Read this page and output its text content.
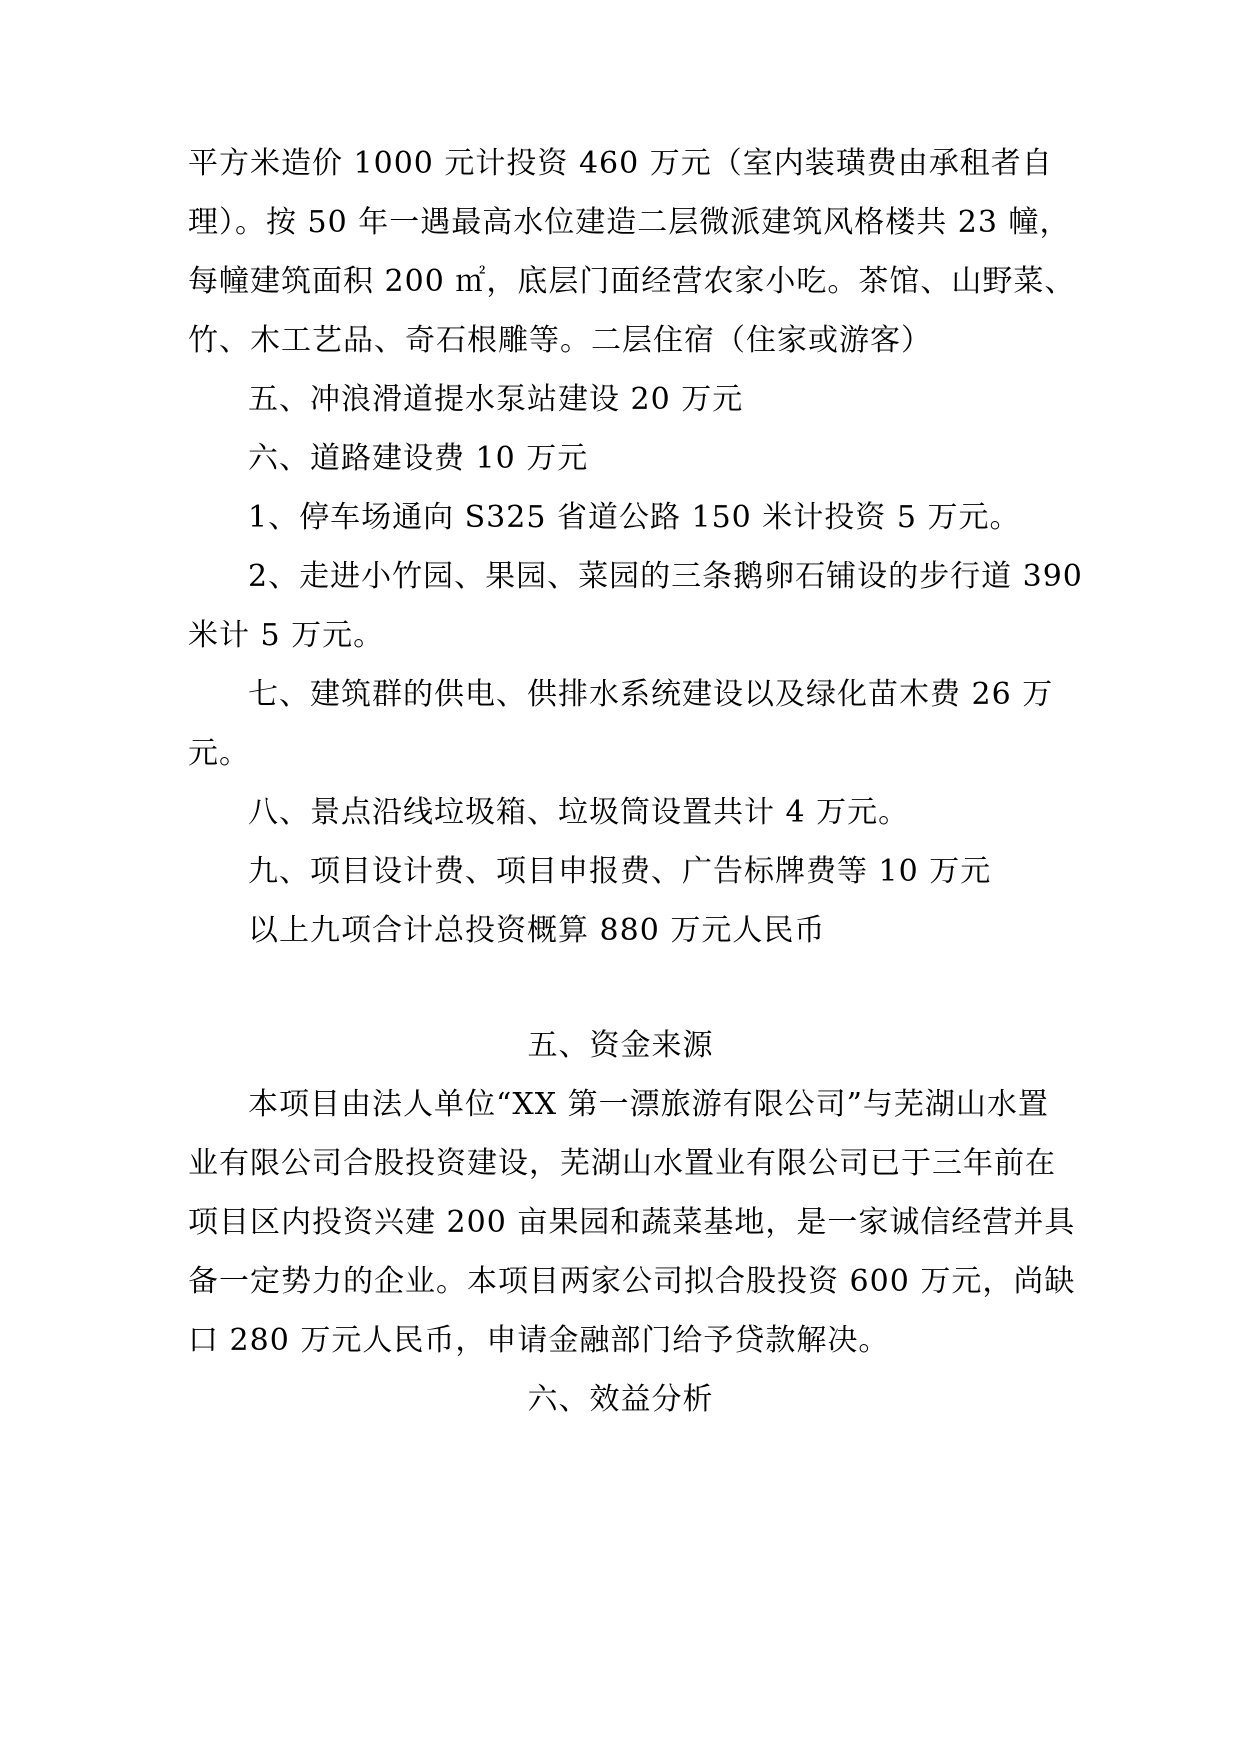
平方米造价 1000 元计投资 460 万元（室内装璜费由承租者自
理）。按 50 年一遇最高水位建造二层微派建筑风格楼共 23 幢，
每幢建筑面积 200 ㎡，底层门面经营农家小吃。茶馆、山野菜、
竹、木工艺品、奇石根雕等。二层住宿（住家或游客）
五、冲浪滑道提水泵站建设 20 万元
六、道路建设费 10 万元
1、停车场通向 S325 省道公路 150 米计投资 5 万元。
2、走进小竹园、果园、菜园的三条鹅卵石铺设的步行道 390
米计 5 万元。
七、建筑群的供电、供排水系统建设以及绿化苗木费 26 万
元。
八、景点沿线垃圾箱、垃圾筒设置共计 4 万元。
九、项目设计费、项目申报费、广告标牌费等 10 万元
以上九项合计总投资概算 880 万元人民币
五、资金来源
本项目由法人单位“XX 第一漂旅游有限公司”与芜湖山水置
业有限公司合股投资建设，芜湖山水置业有限公司已于三年前在
项目区内投资兴建 200 亩果园和蔬菜基地，是一家诚信经营并具
备一定势力的企业。本项目两家公司拟合股投资 600 万元，尚缺
口 280 万元人民币，申请金融部门给予贷款解决。
六、效益分析
